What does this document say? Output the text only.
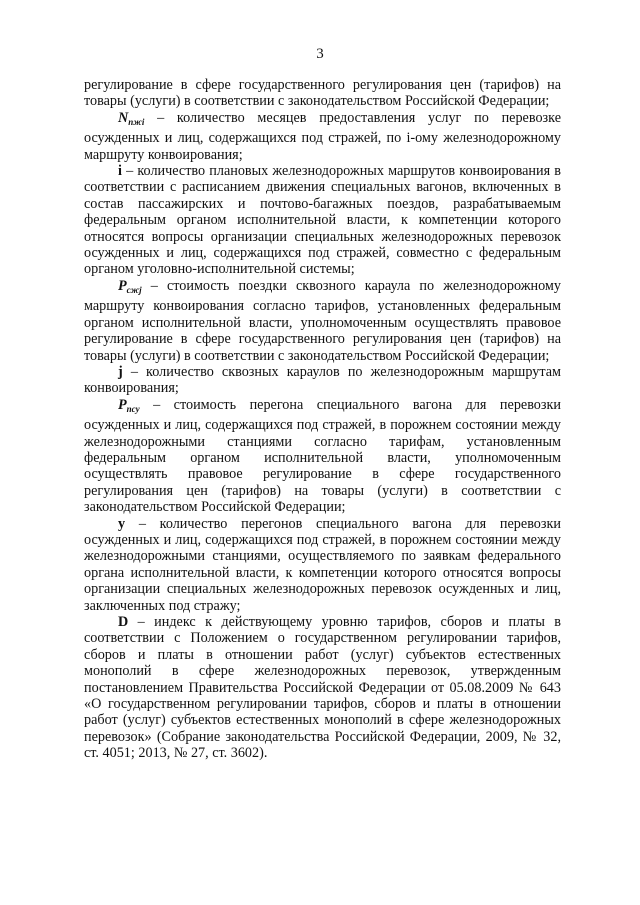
3

регулирование в сфере государственного регулирования цен (тарифов) на товары (услуги) в соответствии с законодательством Российской Федерации;

$N_{пжi}$ – количество месяцев предоставления услуг по перевозке осужденных и лиц, содержащихся под стражей, по i-ому железнодорожному маршруту конвоирования;

i – количество плановых железнодорожных маршрутов конвоирования в соответствии с расписанием движения специальных вагонов, включенных в состав пассажирских и почтово-багажных поездов, разрабатываемым федеральным органом исполнительной власти, к компетенции которого относятся вопросы организации специальных железнодорожных перевозок осужденных и лиц, содержащихся под стражей, совместно с федеральным органом уголовно-исполнительной системы;

$P_{сжj}$ – стоимость поездки сквозного караула по железнодорожному маршруту конвоирования согласно тарифов, установленных федеральным органом исполнительной власти, уполномоченным осуществлять правовое регулирование в сфере государственного регулирования цен (тарифов) на товары (услуги) в соответствии с законодательством Российской Федерации;

j – количество сквозных караулов по железнодорожным маршрутам конвоирования;

$P_{псу}$ – стоимость перегона специального вагона для перевозки осужденных и лиц, содержащихся под стражей, в порожнем состоянии между железнодорожными станциями согласно тарифам, установленным федеральным органом исполнительной власти, уполномоченным осуществлять правовое регулирование в сфере государственного регулирования цен (тарифов) на товары (услуги) в соответствии с законодательством Российской Федерации;

y – количество перегонов специального вагона для перевозки осужденных и лиц, содержащихся под стражей, в порожнем состоянии между железнодорожными станциями, осуществляемого по заявкам федерального органа исполнительной власти, к компетенции которого относятся вопросы организации специальных железнодорожных перевозок осужденных и лиц, заключенных под стражу;

D – индекс к действующему уровню тарифов, сборов и платы в соответствии с Положением о государственном регулировании тарифов, сборов и платы в отношении работ (услуг) субъектов естественных монополий в сфере железнодорожных перевозок, утвержденным постановлением Правительства Российской Федерации от 05.08.2009 № 643 «О государственном регулировании тарифов, сборов и платы в отношении работ (услуг) субъектов естественных монополий в сфере железнодорожных перевозок» (Собрание законодательства Российской Федерации, 2009, № 32, ст. 4051; 2013, № 27, ст. 3602).
